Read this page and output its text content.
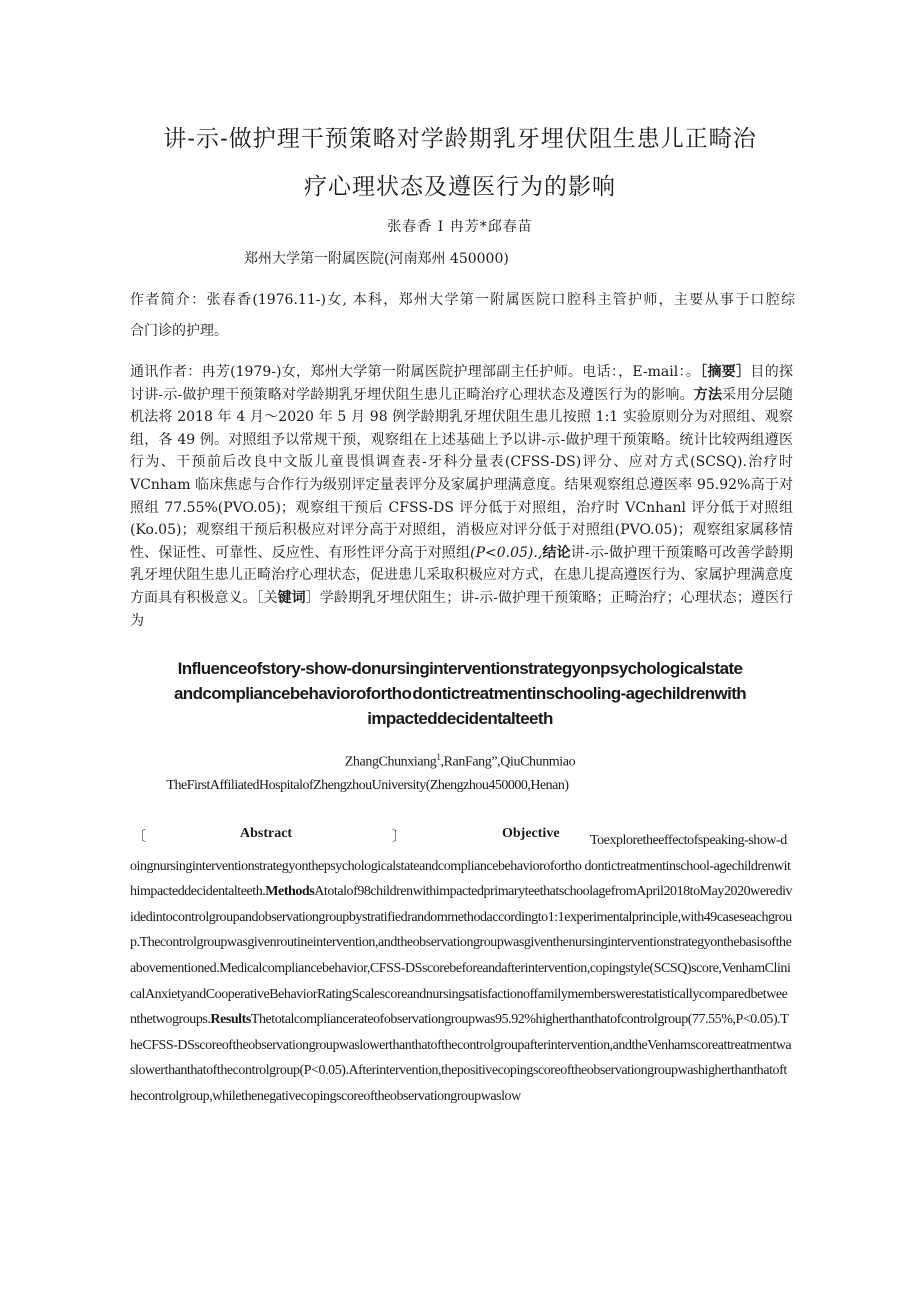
讲-示-做护理干预策略对学龄期乳牙埋伏阻生患儿正畸治
疗心理状态及遵医行为的影响
张春香 I 冉芳*邱春苗
郑州大学第一附属医院(河南郑州 450000)
作者简介：张春香(1976.11-)女, 本科，郑州大学第一附属医院口腔科主管护师，主要从事于口腔综
合门诊的护理。
通讯作者：冉芳(1979-)女，郑州大学第一附属医院护理部副主任护师。电话：，E-mail：。［摘要］目的探讨讲-示-做护理干预策略对学龄期乳牙埋伏阻生患儿正畸治疗心理状态及遵医行为的影响。方法采用分层随机法将 2018 年 4 月～2020 年 5 月 98 例学龄期乳牙埋伏阻生患儿按照 1:1 实验原则分为对照组、观察组，各 49 例。对照组予以常规干预，观察组在上述基础上予以讲-示-做护理干预策略。统计比较两组遵医行为、干预前后改良中文版儿童畏惧调查表-牙科分量表(CFSS-DS)评分、应对方式(SCSQ).治疗时 VCnham 临床焦虑与合作行为级别评定量表评分及家属护理满意度。结果观察组总遵医率 95.92%高于对照组 77.55%(PVO.05)；观察组干预后 CFSS-DS 评分低于对照组，治疗时 VCnhanl 评分低于对照组(Ko.05)；观察组干预后积极应对评分高于对照组，消极应对评分低于对照组(PVO.05)；观察组家属移情性、保证性、可靠性、反应性、有形性评分高于对照组(P<0.05).,结论讲-示-做护理干预策略可改善学龄期乳牙埋伏阻生患儿正畸治疗心理状态，促进患儿采取积极应对方式，在患儿提高遵医行为、家属护理满意度方面具有积极意义。［关键词］学龄期乳牙埋伏阻生；讲-示-做护理干预策略；正畸治疗；心理状态；遵医行为
Influenceofstory-show-donursinginterventionstrategyonpsychologicalstate
andcompliancebehaviorofortho dontictreatmentinschooling-agechildrenwith
impacteddecidentalteeth
ZhangChunxiang$^1$,RanFang”,QiuChunmiao
TheFirstAffiliatedHospitalofZhengzhouUniversity(Zhengzhou450000,Henan)
〔	Abstract	〕	Objective	Toexploretheeffectofspeaking-show-doingnursinginterventionstrategyonthepsychologicalstateandcompliancebehaviorofortho dontictreatmentinschool-agechildrenwithimpacteddecidentalteeth.MethodsAtotalof98childrenwithimpactedprimaryteethatschoolagefromApril2018toMay2020weredividedintocontrolgroupandobservationgroupbystratifiedrandommethodaccordingto1:1experimentalprinciple,with49caseseachgroup.Thecontrolgroupwasgivenroutineintervention,andtheobservationgroupwasgiventhenursinginterventionstrategyonthebasisoftheabovementioned.Medicalcompliancebehavior,CFSS-DSscorebeforeandafterintervention,copingstyle(SCSQ)score,VenhamClinicalAnxietyandCooperativeBehaviorRatingScalescoreandnursingsatisfactionoffamilymemberswerestatisticallycomparedbetweenthetwogroups.ResultsThetotalcompliancerateofobservationgroupwas95.92%higherthanthatofcontrolgroup(77.55%,P<0.05).TheCFSS-DSscoreoftheobservationgroupwaslowerthanthatofthecontrolgroupafterintervention,andtheVenhamscoreattreatmentwaslowerthanthatofthecontrolgroup(P<0.05).Afterintervention,thepositivecopingscoreoftheobservationgroupwashigherthanthatofthecontrolgroup,whilethenegativecopingscoreoftheobservationgroupwaslow
